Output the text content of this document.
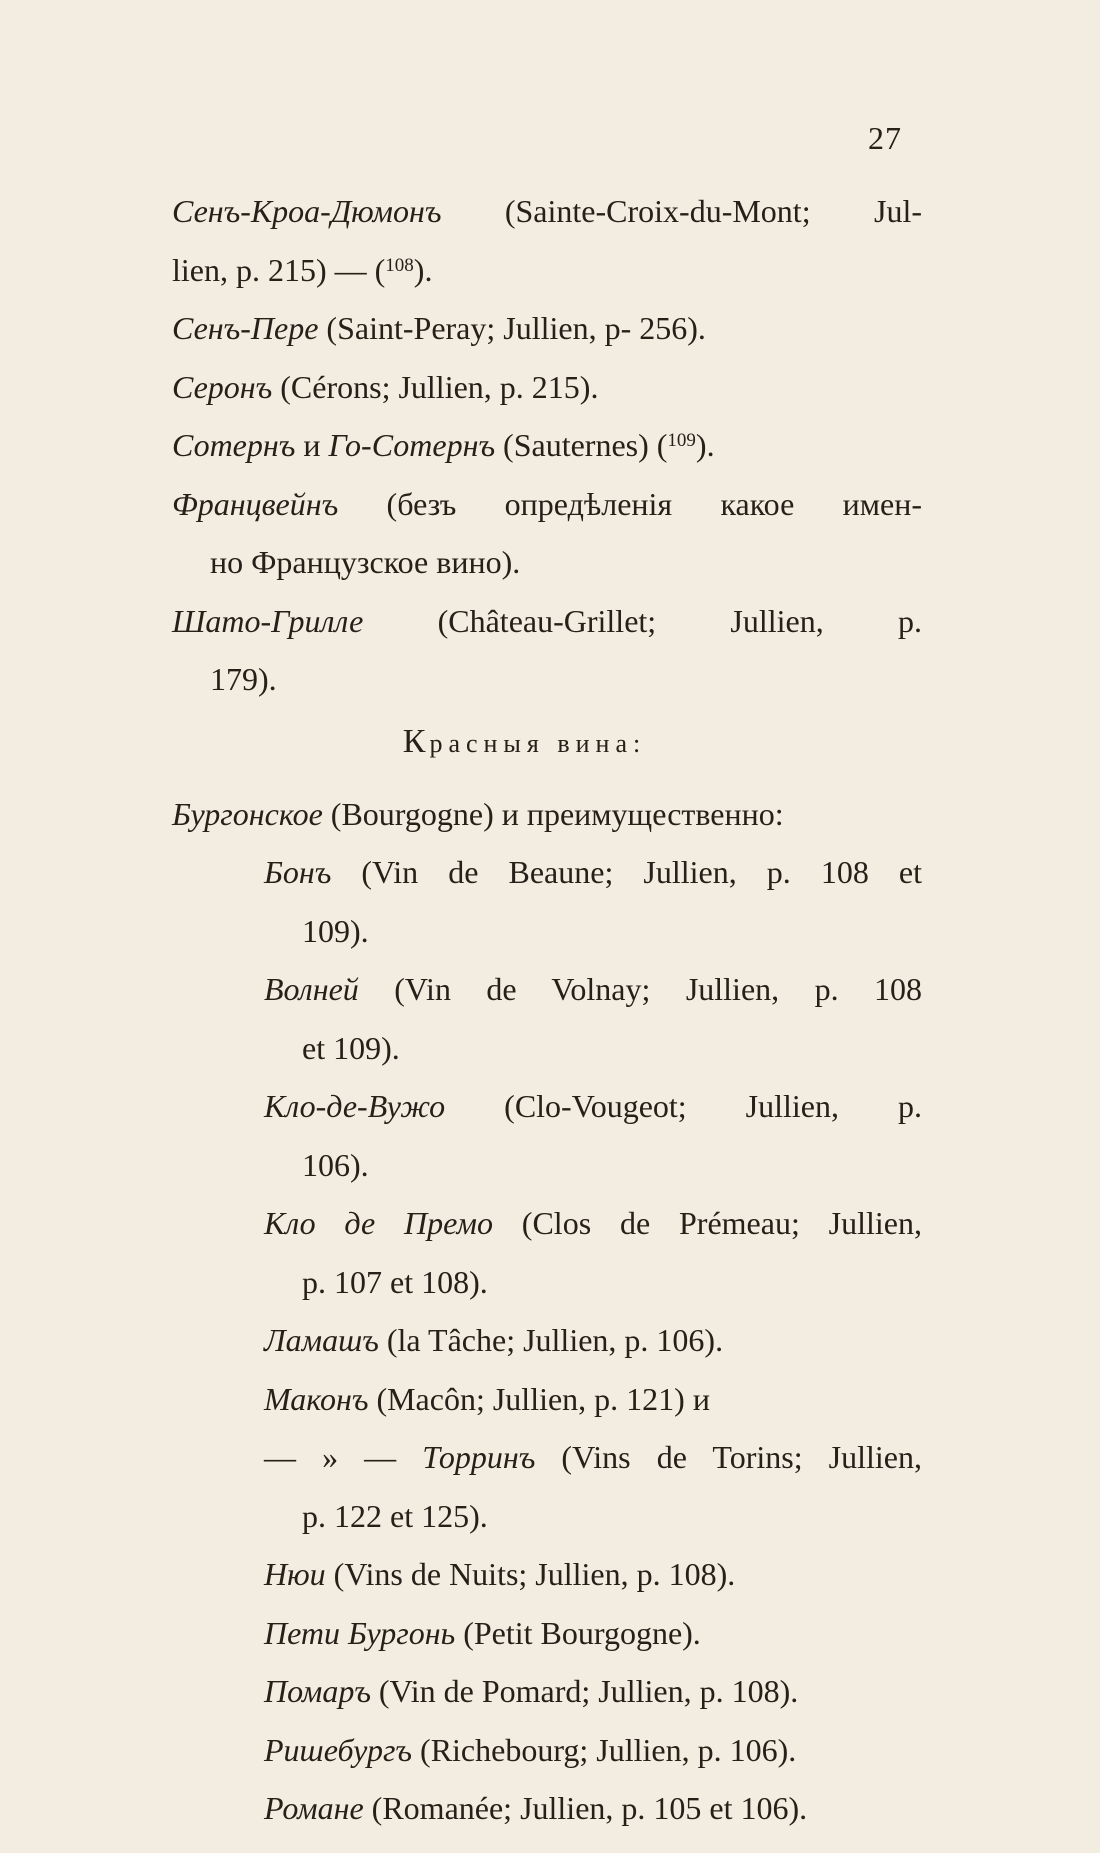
27

Сенъ-Кроа-Дюмонъ (Sainte-Croix-du-Mont; Jul-

lien, p. 215) — ($^{108}$).

Сенъ-Пере (Saint-Peray; Jullien, p- 256).

Серонъ (Cérons; Jullien, p. 215).

Сотернъ и Го-Сотернъ (Sauternes) ($^{109}$).

Францвейнъ (безъ опредѣленія какое имен-

но Французское вино).

Шато-Грилле (Château-Grillet; Jullien, p.

179).

Красныя вина:

Бургонское (Bourgogne) и преимущественно:

Бонъ (Vin de Beaune; Jullien, p. 108 et

109).

Волней (Vin de Volnay; Jullien, p. 108

et 109).

Кло-де-Вужо (Clo-Vougeot; Jullien, p.

106).

Кло де Премо (Clos de Prémeau; Jullien,

p. 107 et 108).

Ламашъ (la Tâche; Jullien, p. 106).

Маконъ (Macôn; Jullien, p. 121) и

— » — Торринъ (Vins de Torins; Jullien,

p. 122 et 125).

Нюи (Vins de Nuits; Jullien, p. 108).

Пети Бургонь (Petit Bourgogne).

Помаръ (Vin de Pomard; Jullien, p. 108).

Ришебургъ (Richebourg; Jullien, p. 106).

Романе (Romanée; Jullien, p. 105 et 106).
